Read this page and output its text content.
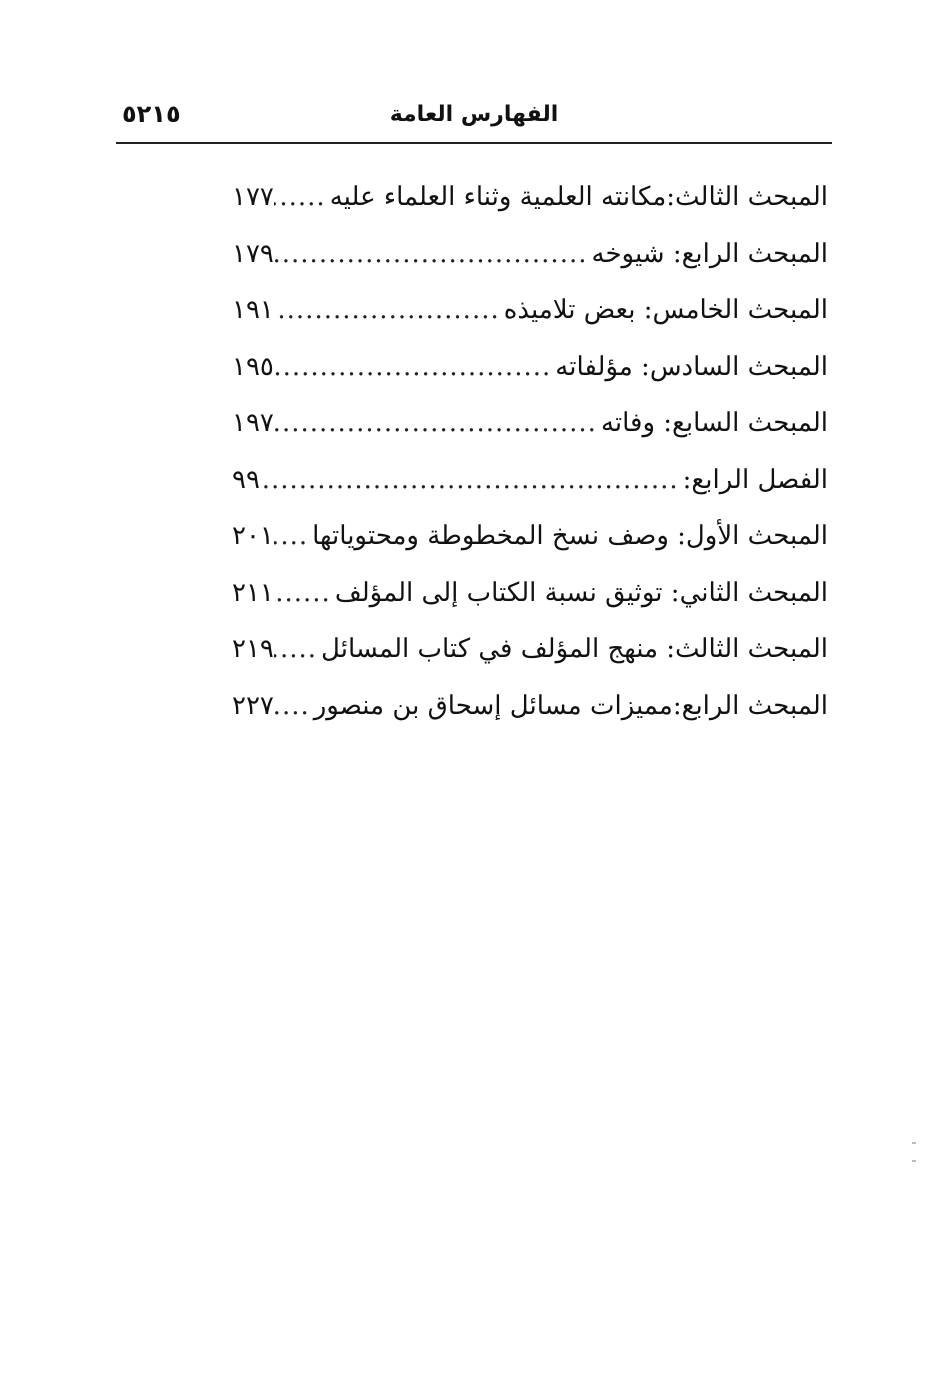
الفهارس العامة
٥٢١٥
المبحث الثالث:مكانته العلمية وثناء العلماء عليه
.....
١٧٧
المبحث الرابع: شيوخه
.....
١٧٩
المبحث الخامس: بعض تلاميذه
.....
١٩١
المبحث السادس: مؤلفاته
.....
١٩٥
المبحث السابع: وفاته
.....
١٩٧
الفصل الرابع:
.....
٩٩
المبحث الأول: وصف نسخ المخطوطة ومحتوياتها
.....
٢٠١
المبحث الثاني: توثيق نسبة الكتاب إلى المؤلف
.....
٢١١
المبحث الثالث: منهج المؤلف في كتاب المسائل
.....
٢١٩
المبحث الرابع:مميزات مسائل إسحاق بن منصور
.....
٢٢٧
